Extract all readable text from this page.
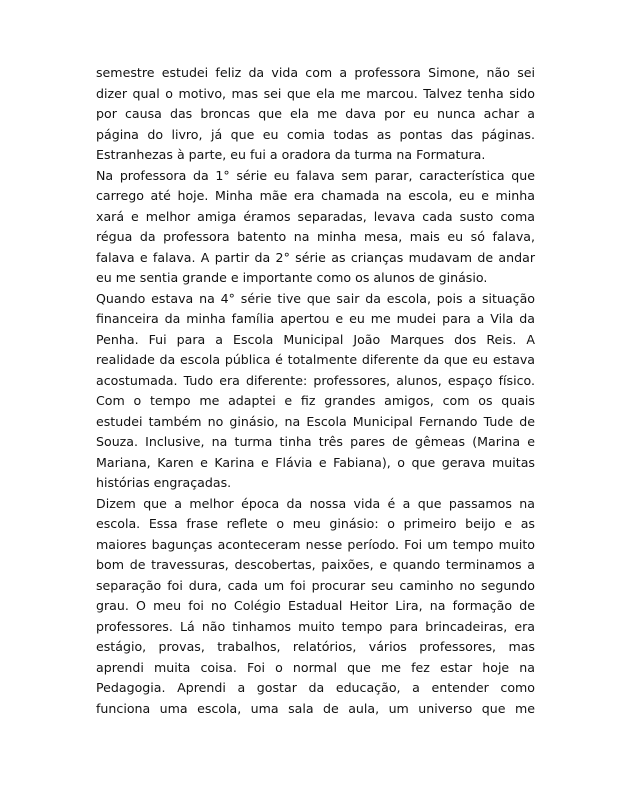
semestre estudei feliz da vida com a professora Simone, não sei
dizer qual o motivo, mas sei que ela me marcou. Talvez tenha sido
por causa das broncas que ela me dava por eu nunca achar a
página do livro, já que eu comia todas as pontas das páginas.
Estranhezas à parte, eu fui a oradora da turma na Formatura.
Na professora da 1° série eu falava sem parar, característica que
carrego até hoje. Minha mãe era chamada na escola, eu e minha
xará e melhor amiga éramos separadas, levava cada susto coma
régua da professora batento na minha mesa, mais eu só falava,
falava e falava. A partir da 2° série as crianças mudavam de andar
eu me sentia grande e importante como os alunos de ginásio.
Quando estava na 4° série tive que sair da escola, pois a situação
financeira da minha família apertou e eu me mudei para a Vila da
Penha. Fui para a Escola Municipal João Marques dos Reis. A
realidade da escola pública é totalmente diferente da que eu estava
acostumada. Tudo era diferente: professores, alunos, espaço físico.
Com o tempo me adaptei e fiz grandes amigos, com os quais
estudei também no ginásio, na Escola Municipal Fernando Tude de
Souza. Inclusive, na turma tinha três pares de gêmeas (Marina e
Mariana, Karen e Karina e Flávia e Fabiana), o que gerava muitas
histórias engraçadas.
Dizem que a melhor época da nossa vida é a que passamos na
escola. Essa frase reflete o meu ginásio: o primeiro beijo e as
maiores bagunças aconteceram nesse período. Foi um tempo muito
bom de travessuras, descobertas, paixões, e quando terminamos a
separação foi dura, cada um foi procurar seu caminho no segundo
grau. O meu foi no Colégio Estadual Heitor Lira, na formação de
professores. Lá não tinhamos muito tempo para brincadeiras, era
estágio, provas, trabalhos, relatórios, vários professores, mas
aprendi muita coisa. Foi o normal que me fez estar hoje na
Pedagogia. Aprendi a gostar da educação, a entender como
funciona uma escola, uma sala de aula, um universo que me
